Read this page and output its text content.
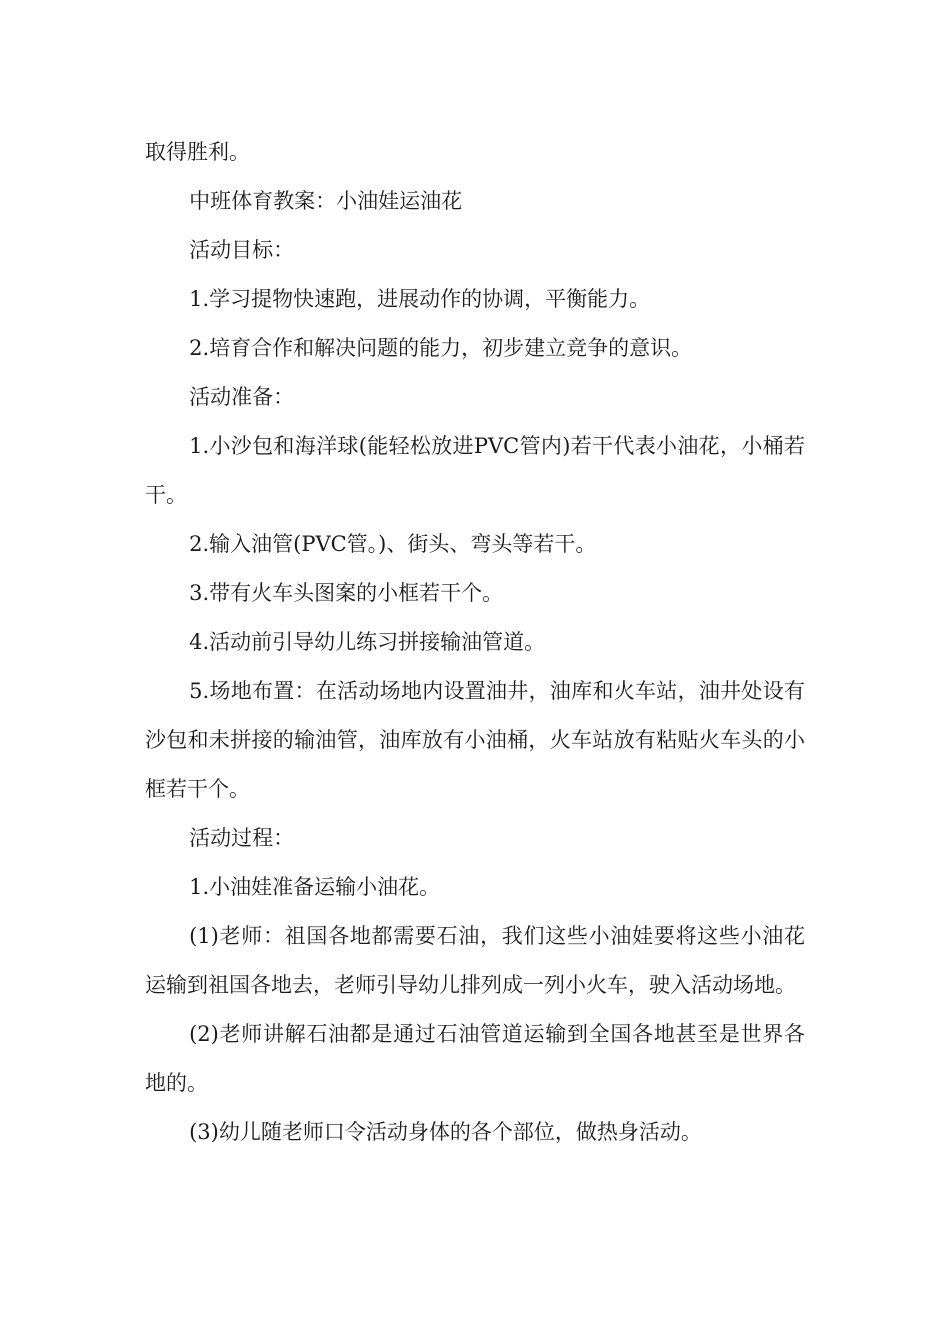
取得胜利。

中班体育教案：小油娃运油花

活动目标：

1.学习提物快速跑，进展动作的协调，平衡能力。

2.培育合作和解决问题的能力，初步建立竞争的意识。

活动准备：

1.小沙包和海洋球(能轻松放进PVC管内)若干代表小油花，小桶若干。

2.输入油管(PVC管。)、街头、弯头等若干。

3.带有火车头图案的小框若干个。

4.活动前引导幼儿练习拼接输油管道。

5.场地布置：在活动场地内设置油井，油库和火车站，油井处设有沙包和未拼接的输油管，油库放有小油桶，火车站放有粘贴火车头的小框若干个。

活动过程：

1.小油娃准备运输小油花。

(1)老师：祖国各地都需要石油，我们这些小油娃要将这些小油花运输到祖国各地去，老师引导幼儿排列成一列小火车，驶入活动场地。

(2)老师讲解石油都是通过石油管道运输到全国各地甚至是世界各地的。

(3)幼儿随老师口令活动身体的各个部位，做热身活动。
